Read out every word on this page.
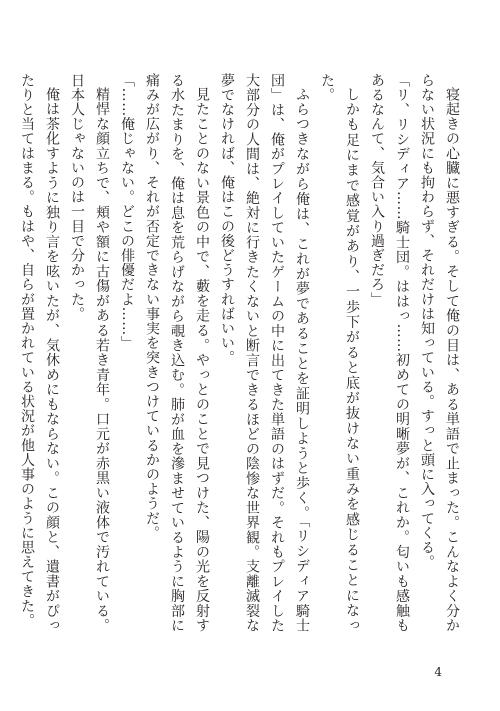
寝起きの心臓に悪すぎる。そして俺の目は、ある単語で止まった。こんなよく分からない状況にも拘わらず、それだけは知っている。すっと頭に入ってくる。

「リ、リシディア……騎士団。ははっ……初めての明晰夢が、これか。匂いも感触もあるなんて、気合い入り過ぎだろ」

しかも足にまで感覚があり、一歩下がると底が抜けない重みを感じることになった。

ふらつきながら俺は、これが夢であることを証明しようと歩く。「リシディア騎士団」は、俺がプレイしていたゲームの中に出てきた単語のはずだ。それもプレイした大部分の人間は、絶対に行きたくないと断言できるほどの陰惨な世界観。支離滅裂な夢でなければ、俺はこの後どうすればいい。

見たことのない景色の中で、藪を走る。やっとのことで見つけた、陽の光を反射する水たまりを、俺は息を荒らげながら覗き込む。肺が血を滲ませているように胸部に痛みが広がり、それが否定できない事実を突きつけているかのようだ。

「……俺じゃない。どこの俳優だよ……」

精悍な顔立ちで、頬や額に古傷がある若き青年。口元が赤黒い液体で汚れている。日本人じゃないのは一目で分かった。

俺は茶化すように独り言を呟いたが、気休めにもならない。この顔と、遺書がぴったりと当てはまる。もはや、自らが置かれている状況が他人事のように思えてきた。

4
